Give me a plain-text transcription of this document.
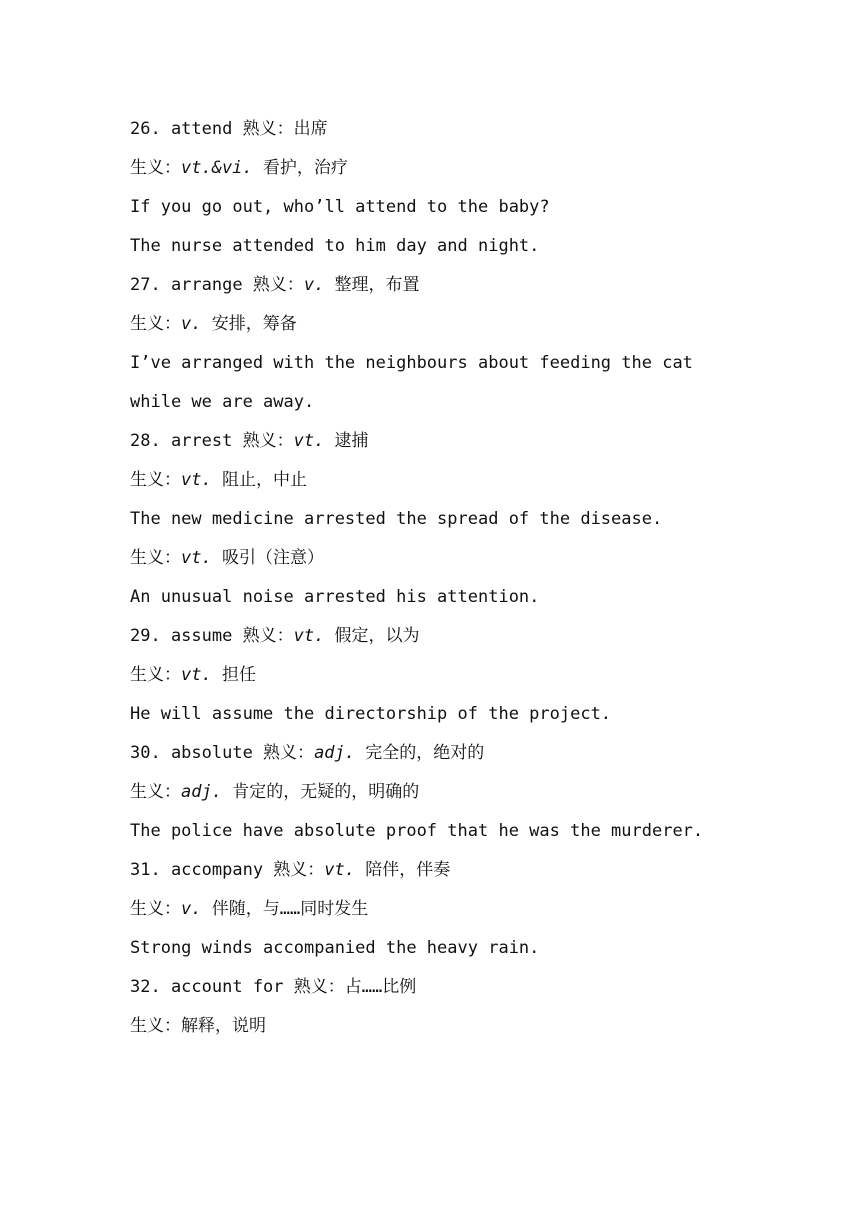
26. attend 熟义：出席
生义：vt.&vi. 看护，治疗
If you go out, who’ll attend to the baby?
The nurse attended to him day and night.
27. arrange 熟义：v. 整理，布置
生义：v. 安排，筹备
I’ve arranged with the neighbours about feeding the cat
while we are away.
28. arrest 熟义：vt. 逮捕
生义：vt. 阻止，中止
The new medicine arrested the spread of the disease.
生义：vt. 吸引（注意）
An unusual noise arrested his attention.
29. assume 熟义：vt. 假定，以为
生义：vt. 担任
He will assume the directorship of the project.
30. absolute 熟义：adj. 完全的，绝对的
生义：adj. 肯定的，无疑的，明确的
The police have absolute proof that he was the murderer.
31. accompany 熟义：vt. 陪伴，伴奏
生义：v. 伴随，与……同时发生
Strong winds accompanied the heavy rain.
32. account for 熟义：占……比例
生义：解释，说明
